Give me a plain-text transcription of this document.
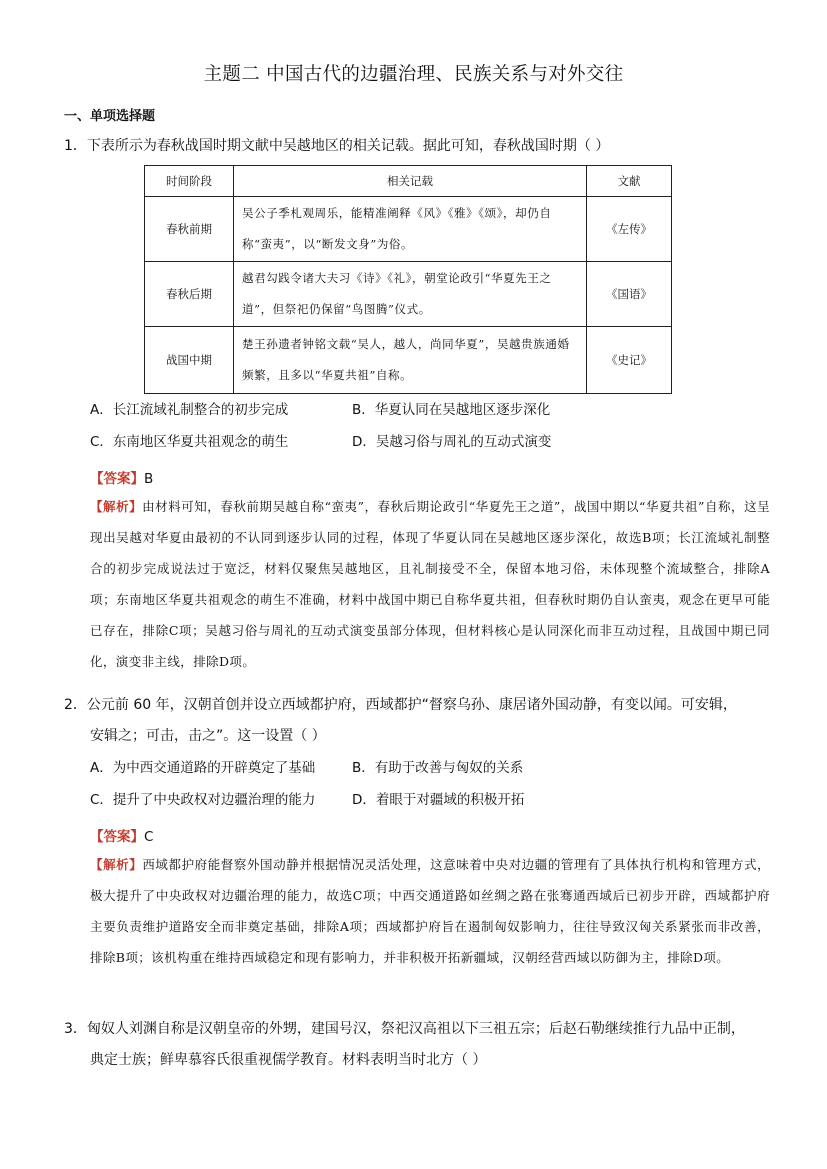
主题二 中国古代的边疆治理、民族关系与对外交往
一、单项选择题
1．下表所示为春秋战国时期文献中吴越地区的相关记载。据此可知，春秋战国时期（ ）
时间阶段	相关记载	文献
春秋前期	吴公子季札观周乐，能精准阐释《风》《雅》《颂》，却仍自称“蛮夷”，以“断发文身”为俗。	《左传》
春秋后期	越君勾践令诸大夫习《诗》《礼》，朝堂论政引“华夏先王之道”，但祭祀仍保留“鸟图腾”仪式。	《国语》
战国中期	楚王孙遗者钟铭文载“吴人，越人，尚同华夏”，吴越贵族通婚频繁，且多以“华夏共祖”自称。	《史记》
A．长江流域礼制整合的初步完成	B．华夏认同在吴越地区逐步深化
C．东南地区华夏共祖观念的萌生	D．吴越习俗与周礼的互动式演变
【答案】B
【解析】由材料可知，春秋前期吴越自称“蛮夷”，春秋后期论政引“华夏先王之道”，战国中期以“华夏共祖”自称，这呈现出吴越对华夏由最初的不认同到逐步认同的过程，体现了华夏认同在吴越地区逐步深化，故选B项；长江流域礼制整合的初步完成说法过于宽泛，材料仅聚焦吴越地区，且礼制接受不全，保留本地习俗，未体现整个流域整合，排除A项；东南地区华夏共祖观念的萌生不准确，材料中战国中期已自称华夏共祖，但春秋时期仍自认蛮夷，观念在更早可能已存在，排除C项；吴越习俗与周礼的互动式演变虽部分体现，但材料核心是认同深化而非互动过程，且战国中期已同化，演变非主线，排除D项。
2．公元前 60 年，汉朝首创并设立西域都护府，西域都护“督察乌孙、康居诸外国动静，有变以闻。可安辑，
安辑之；可击，击之”。这一设置（ ）
A．为中西交通道路的开辟奠定了基础	B．有助于改善与匈奴的关系
C．提升了中央政权对边疆治理的能力	D．着眼于对疆域的积极开拓
【答案】C
【解析】西域都护府能督察外国动静并根据情况灵活处理，这意味着中央对边疆的管理有了具体执行机构和管理方式，极大提升了中央政权对边疆治理的能力，故选C项；中西交通道路如丝绸之路在张骞通西域后已初步开辟，西域都护府主要负责维护道路安全而非奠定基础，排除A项；西域都护府旨在遏制匈奴影响力，往往导致汉匈关系紧张而非改善，排除B项；该机构重在维持西域稳定和现有影响力，并非积极开拓新疆域，汉朝经营西域以防御为主，排除D项。
3．匈奴人刘渊自称是汉朝皇帝的外甥，建国号汉，祭祀汉高祖以下三祖五宗；后赵石勒继续推行九品中正制，
典定士族；鲜卑慕容氏很重视儒学教育。材料表明当时北方（ ）
